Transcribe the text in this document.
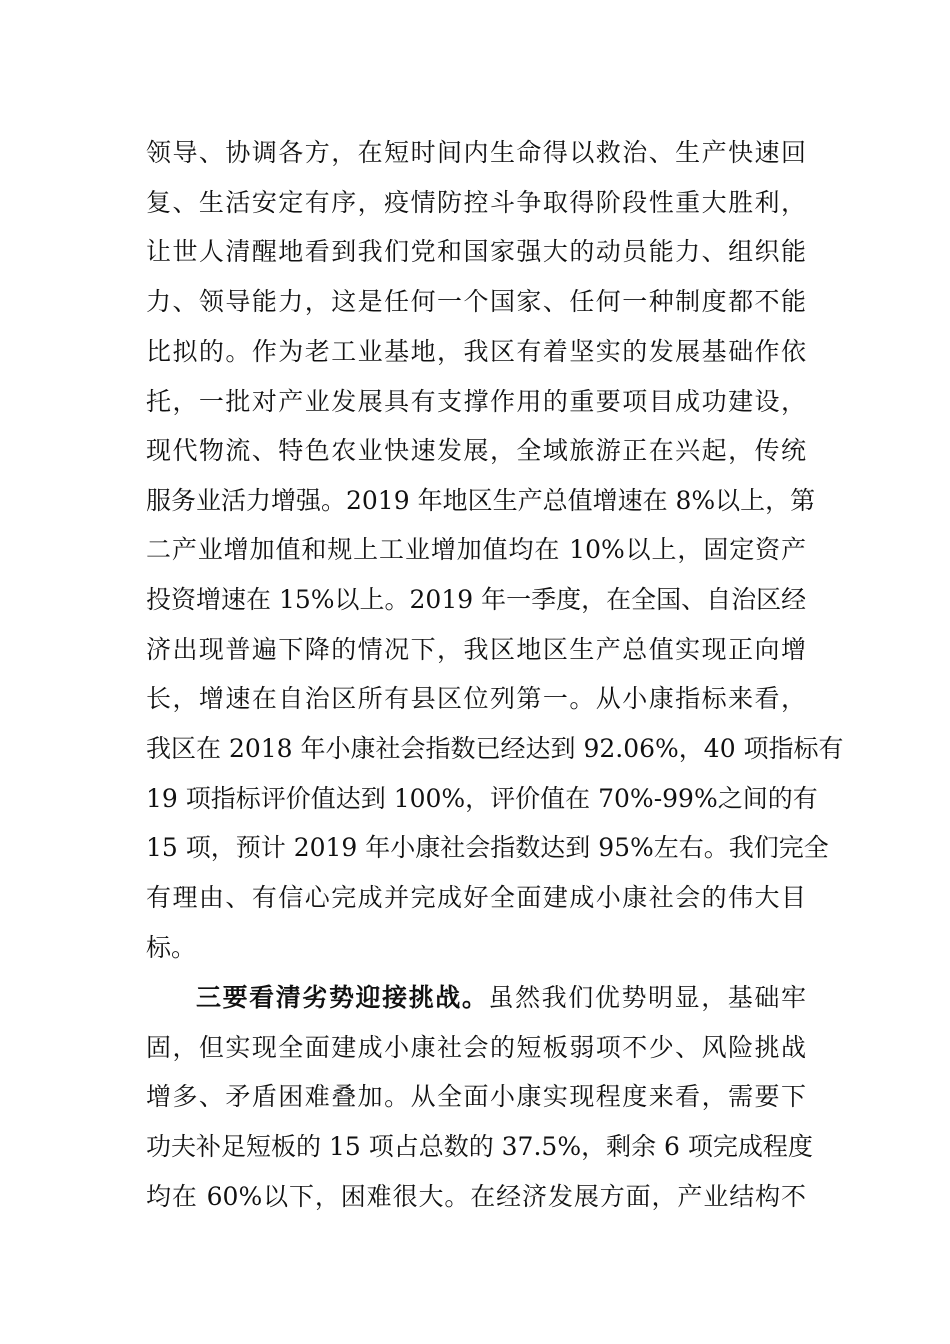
领导、协调各方，在短时间内生命得以救治、生产快速回
复、生活安定有序，疫情防控斗争取得阶段性重大胜利，
让世人清醒地看到我们党和国家强大的动员能力、组织能
力、领导能力，这是任何一个国家、任何一种制度都不能
比拟的。作为老工业基地，我区有着坚实的发展基础作依
托，一批对产业发展具有支撑作用的重要项目成功建设，
现代物流、特色农业快速发展，全域旅游正在兴起，传统
服务业活力增强。2019 年地区生产总值增速在 8%以上，第
二产业增加值和规上工业增加值均在 10%以上，固定资产
投资增速在 15%以上。2019 年一季度，在全国、自治区经
济出现普遍下降的情况下，我区地区生产总值实现正向增
长，增速在自治区所有县区位列第一。从小康指标来看，
我区在 2018 年小康社会指数已经达到 92.06%，40 项指标有
19 项指标评价值达到 100%，评价值在 70%-99%之间的有
15 项，预计 2019 年小康社会指数达到 95%左右。我们完全
有理由、有信心完成并完成好全面建成小康社会的伟大目
标。
三要看清劣势迎接挑战。虽然我们优势明显，基础牢
固，但实现全面建成小康社会的短板弱项不少、风险挑战
增多、矛盾困难叠加。从全面小康实现程度来看，需要下
功夫补足短板的 15 项占总数的 37.5%，剩余 6 项完成程度
均在 60%以下，困难很大。在经济发展方面，产业结构不
